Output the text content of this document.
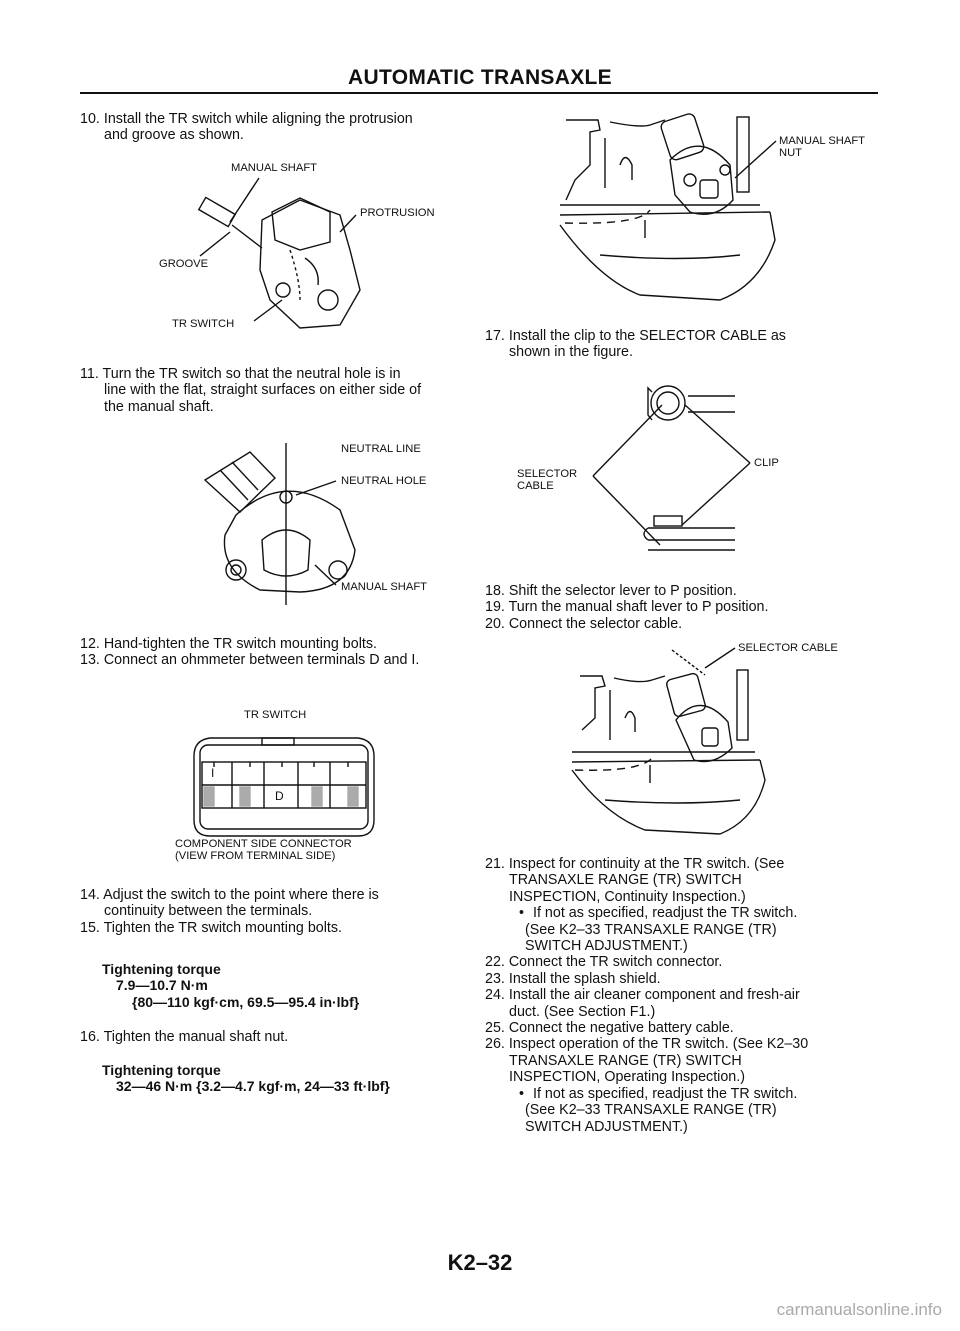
AUTOMATIC TRANSAXLE
10. Install the TR switch while aligning the protrusion
and groove as shown.
MANUAL SHAFT
PROTRUSION
GROOVE
TR SWITCH
11. Turn the TR switch so that the neutral hole is in
line with the flat, straight surfaces on either side of
the manual shaft.
NEUTRAL LINE
NEUTRAL HOLE
MANUAL SHAFT
12. Hand-tighten the TR switch mounting bolts.
13. Connect an ohmmeter between terminals D and I.
TR SWITCH
I
D
COMPONENT SIDE CONNECTOR
(VIEW FROM TERMINAL SIDE)
14. Adjust the switch to the point where there is
continuity between the terminals.
15. Tighten the TR switch mounting bolts.
Tightening torque
7.9—10.7 N·m
{80—110 kgf·cm, 69.5—95.4 in·lbf}
16. Tighten the manual shaft nut.
Tightening torque
32—46 N·m {3.2—4.7 kgf·m, 24—33 ft·lbf}
MANUAL SHAFT
NUT
17. Install the clip to the SELECTOR CABLE as
shown in the figure.
SELECTOR
CABLE
CLIP
18. Shift the selector lever to P position.
19. Turn the manual shaft lever to P position.
20. Connect the selector cable.
SELECTOR CABLE
21. Inspect for continuity at the TR switch. (See
TRANSAXLE RANGE (TR) SWITCH
INSPECTION, Continuity Inspection.)
• If not as specified, readjust the TR switch.
(See K2–33 TRANSAXLE RANGE (TR)
SWITCH ADJUSTMENT.)
22. Connect the TR switch connector.
23. Install the splash shield.
24. Install the air cleaner component and fresh-air
duct. (See Section F1.)
25. Connect the negative battery cable.
26. Inspect operation of the TR switch. (See K2–30
TRANSAXLE RANGE (TR) SWITCH
INSPECTION, Operating Inspection.)
• If not as specified, readjust the TR switch.
(See K2–33 TRANSAXLE RANGE (TR)
SWITCH ADJUSTMENT.)
K2–32
carmanualsonline.info
